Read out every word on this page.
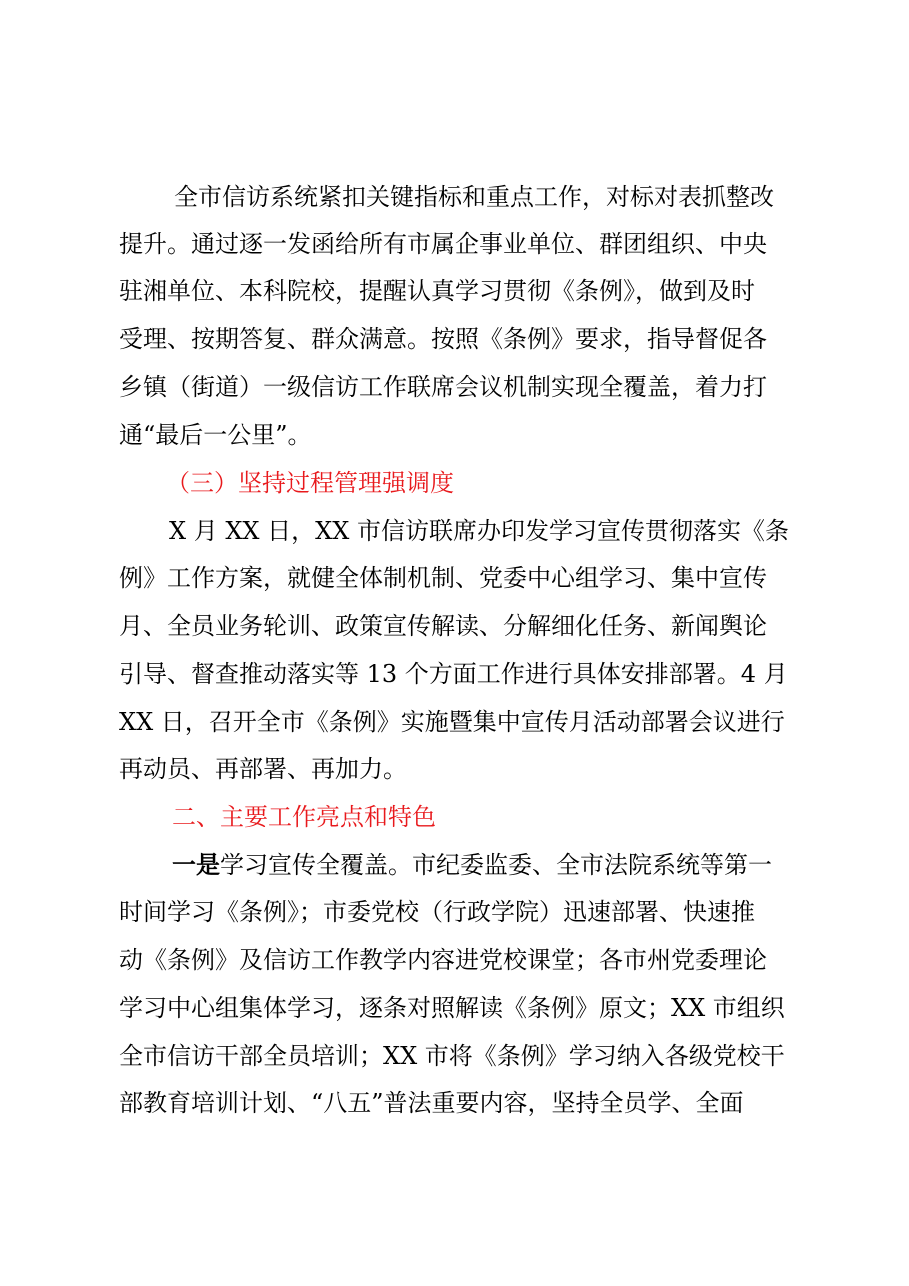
全市信访系统紧扣关键指标和重点工作，对标对表抓整改
提升。通过逐一发函给所有市属企事业单位、群团组织、中央
驻湘单位、本科院校，提醒认真学习贯彻《条例》，做到及时
受理、按期答复、群众满意。按照《条例》要求，指导督促各
乡镇（街道）一级信访工作联席会议机制实现全覆盖，着力打
通“最后一公里”。
（三）坚持过程管理强调度
X 月 XX 日，XX 市信访联席办印发学习宣传贯彻落实《条
例》工作方案，就健全体制机制、党委中心组学习、集中宣传
月、全员业务轮训、政策宣传解读、分解细化任务、新闻舆论
引导、督查推动落实等 13 个方面工作进行具体安排部署。4 月
XX 日，召开全市《条例》实施暨集中宣传月活动部署会议进行
再动员、再部署、再加力。
二、主要工作亮点和特色
一是学习宣传全覆盖。市纪委监委、全市法院系统等第一
时间学习《条例》；市委党校（行政学院）迅速部署、快速推
动《条例》及信访工作教学内容进党校课堂；各市州党委理论
学习中心组集体学习，逐条对照解读《条例》原文；XX 市组织
全市信访干部全员培训；XX 市将《条例》学习纳入各级党校干
部教育培训计划、“八五”普法重要内容，坚持全员学、全面
